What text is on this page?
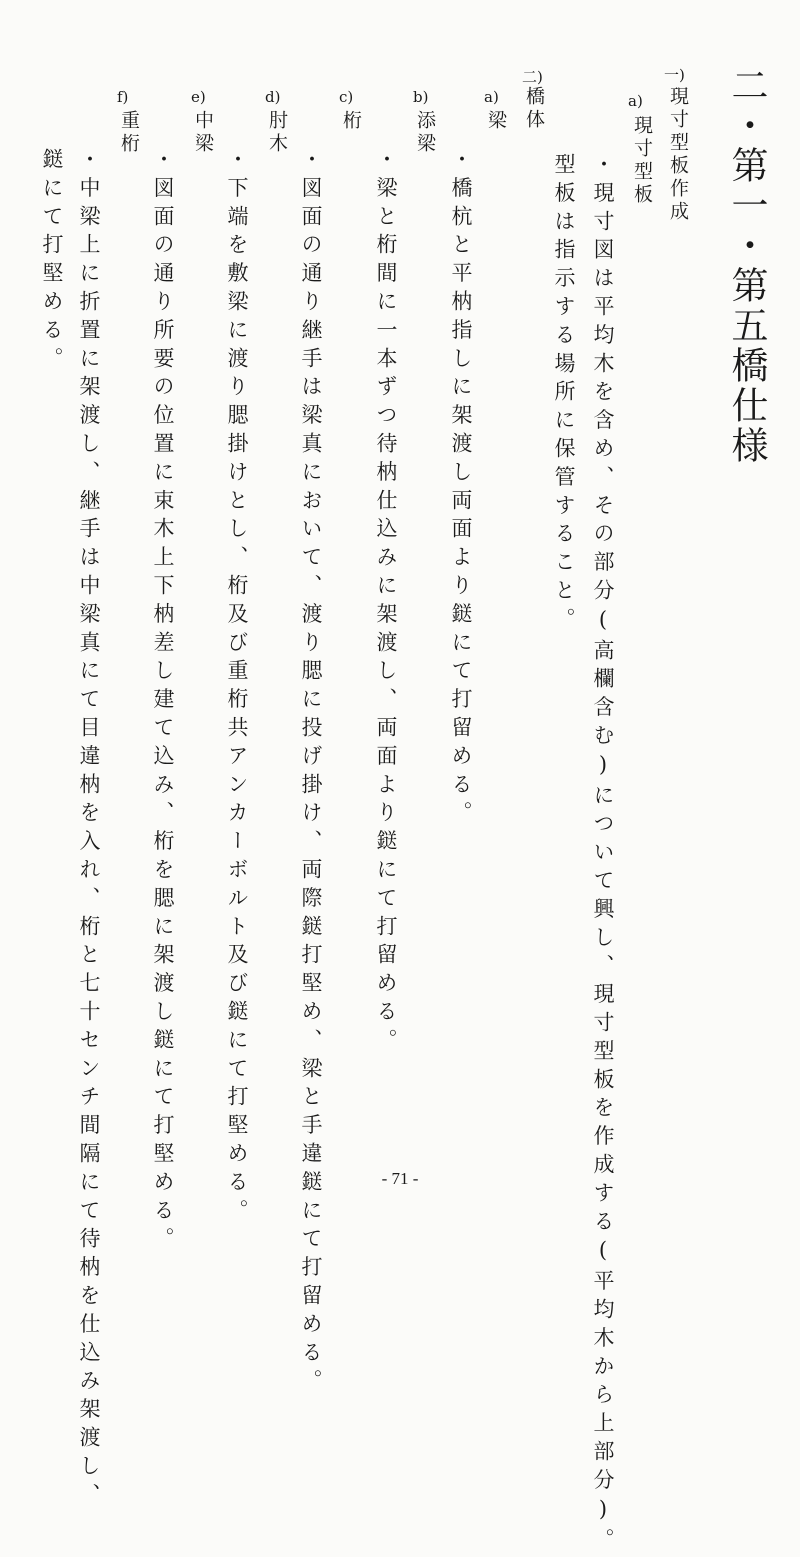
二・第一・第五橋仕様
一)
現寸型板作成
a)
現寸型板
・現寸図は平均木を含め、その部分(高欄含む)について興し、現寸型板を作成する(平均木から上部分)。
型板は指示する場所に保管すること。
二)
橋体
a)
梁
・橋杭と平枘指しに架渡し両面より鎹にて打留める。
b)
添梁
・梁と桁間に一本ずつ待枘仕込みに架渡し、両面より鎹にて打留める。
c)
桁
・図面の通り継手は梁真において、渡り腮に投げ掛け、両際鎹打堅め、梁と手違鎹にて打留める。
d)
肘木
・下端を敷梁に渡り腮掛けとし、桁及び重桁共アンカーボルト及び鎹にて打堅める。
e)
中梁
・図面の通り所要の位置に束木上下枘差し建て込み、桁を腮に架渡し鎹にて打堅める。
f)
重桁
・中梁上に折置に架渡し、継手は中梁真にて目違枘を入れ、桁と七十センチ間隔にて待枘を仕込み架渡し、
鎹にて打堅める。
- 71 -
